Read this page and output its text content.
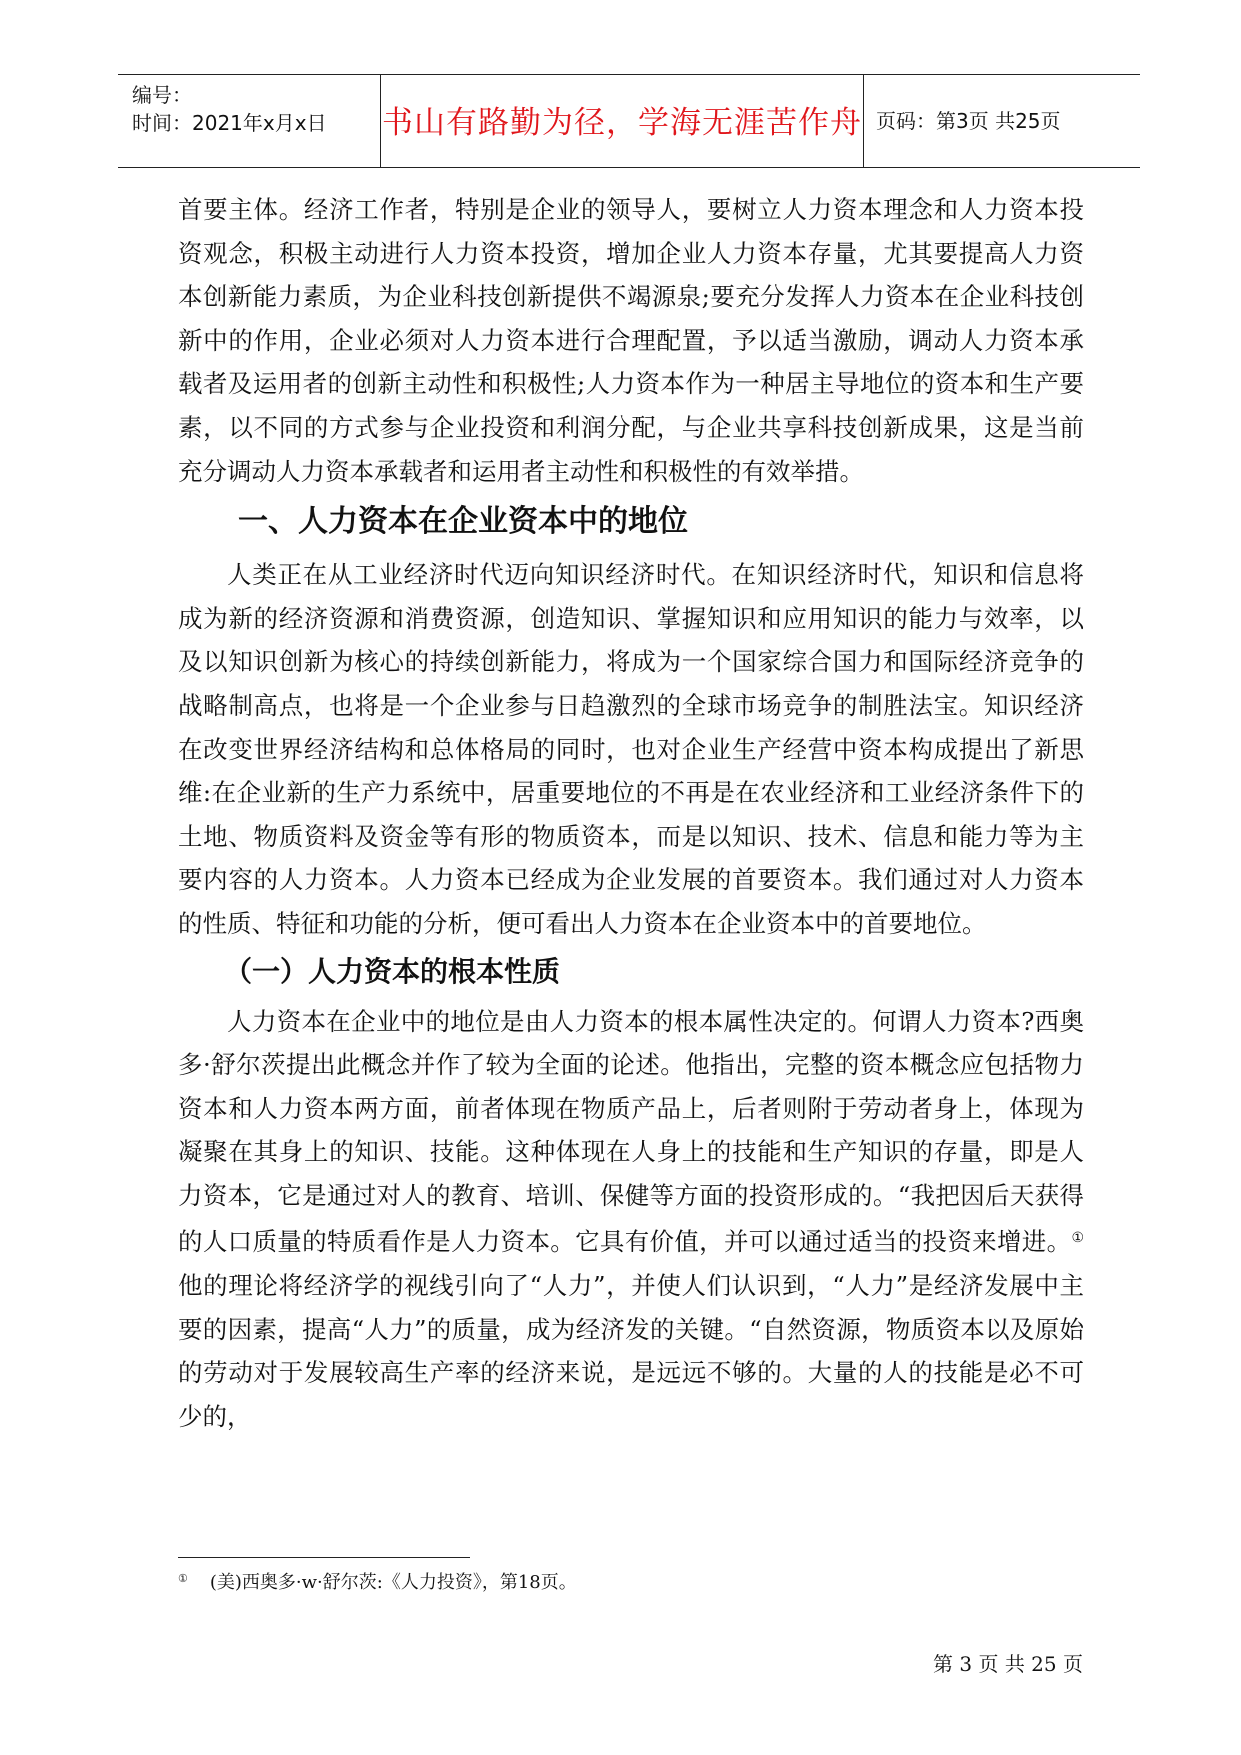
编号：
时间：2021年x月x日 书山有路勤为径，学海无涯苦作舟 页码：第3页 共25页

首要主体。经济工作者，特别是企业的领导人，要树立人力资本理念和人力资本投资观念，积极主动进行人力资本投资，增加企业人力资本存量，尤其要提高人力资本创新能力素质，为企业科技创新提供不竭源泉;要充分发挥人力资本在企业科技创新中的作用，企业必须对人力资本进行合理配置，予以适当激励，调动人力资本承载者及运用者的创新主动性和积极性;人力资本作为一种居主导地位的资本和生产要素，以不同的方式参与企业投资和利润分配，与企业共享科技创新成果，这是当前充分调动人力资本承载者和运用者主动性和积极性的有效举措。

一、人力资本在企业资本中的地位

人类正在从工业经济时代迈向知识经济时代。在知识经济时代，知识和信息将成为新的经济资源和消费资源，创造知识、掌握知识和应用知识的能力与效率，以及以知识创新为核心的持续创新能力，将成为一个国家综合国力和国际经济竞争的战略制高点，也将是一个企业参与日趋激烈的全球市场竞争的制胜法宝。知识经济在改变世界经济结构和总体格局的同时，也对企业生产经营中资本构成提出了新思维:在企业新的生产力系统中，居重要地位的不再是在农业经济和工业经济条件下的土地、物质资料及资金等有形的物质资本，而是以知识、技术、信息和能力等为主要内容的人力资本。人力资本已经成为企业发展的首要资本。我们通过对人力资本的性质、特征和功能的分析，便可看出人力资本在企业资本中的首要地位。

（一）人力资本的根本性质

人力资本在企业中的地位是由人力资本的根本属性决定的。何谓人力资本?西奥多·舒尔茨提出此概念并作了较为全面的论述。他指出，完整的资本概念应包括物力资本和人力资本两方面，前者体现在物质产品上，后者则附于劳动者身上，体现为凝聚在其身上的知识、技能。这种体现在人身上的技能和生产知识的存量，即是人力资本，它是通过对人的教育、培训、保健等方面的投资形成的。“我把因后天获得的人口质量的特质看作是人力资本。它具有价值，并可以通过适当的投资来增进。① 他的理论将经济学的视线引向了“人力”，并使人们认识到，“人力”是经济发展中主要的因素，提高“人力”的质量，成为经济发的关键。“自然资源，物质资本以及原始的劳动对于发展较高生产率的经济来说，是远远不够的。大量的人的技能是必不可少的，

① (美)西奥多·w·舒尔茨:《人力投资》，第18页。
第 3 页 共 25 页
